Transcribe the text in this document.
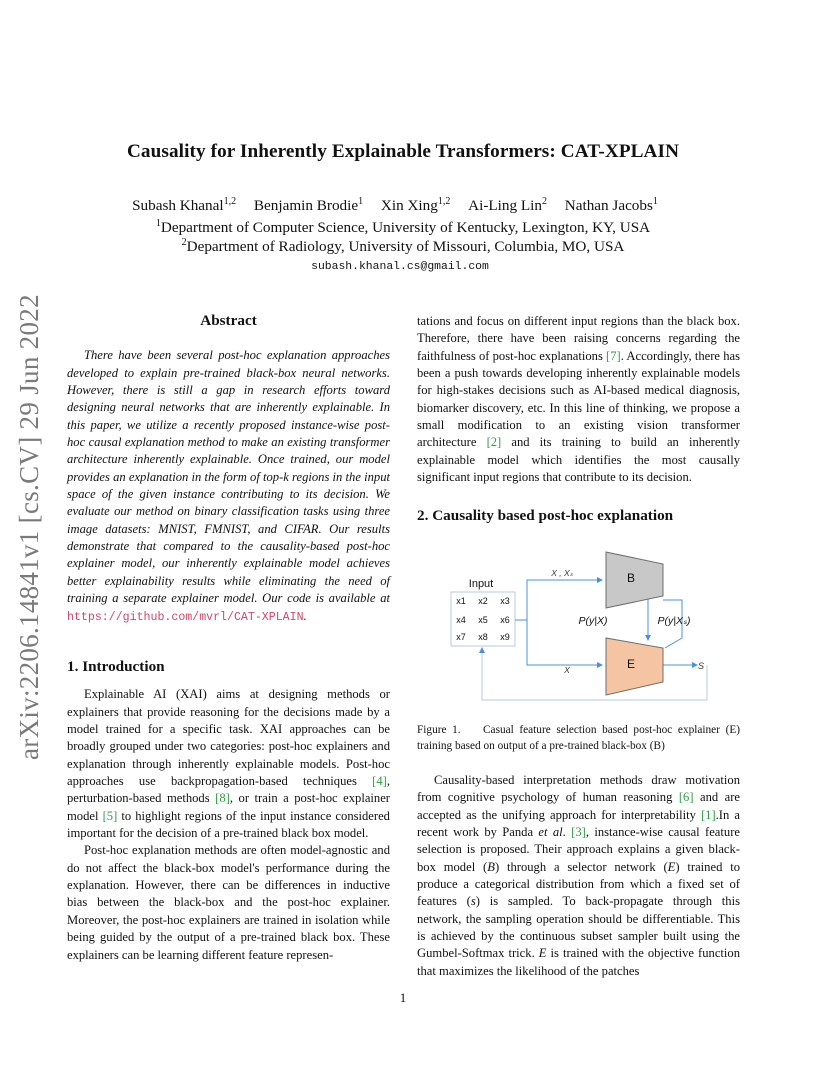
arXiv:2206.14841v1 [cs.CV] 29 Jun 2022
Causality for Inherently Explainable Transformers: CAT-XPLAIN
Subash Khanal$^{1,2}$ Benjamin Brodie$^1$ Xin Xing$^{1,2}$ Ai-Ling Lin$^2$ Nathan Jacobs$^1$
$^1$Department of Computer Science, University of Kentucky, Lexington, KY, USA
$^2$Department of Radiology, University of Missouri, Columbia, MO, USA
subash.khanal.cs@gmail.com
Abstract

There have been several post-hoc explanation approaches developed to explain pre-trained black-box neural networks. However, there is still a gap in research efforts toward designing neural networks that are inherently explainable. In this paper, we utilize a recently proposed instance-wise post-hoc causal explanation method to make an existing transformer architecture inherently explainable. Once trained, our model provides an explanation in the form of top-k regions in the input space of the given instance contributing to its decision. We evaluate our method on binary classification tasks using three image datasets: MNIST, FMNIST, and CIFAR. Our results demonstrate that compared to the causality-based post-hoc explainer model, our inherently explainable model achieves better explainability results while eliminating the need of training a separate explainer model. Our code is available at https://github.com/mvrl/CAT-XPLAIN.

1. Introduction

Explainable AI (XAI) aims at designing methods or explainers that provide reasoning for the decisions made by a model trained for a specific task. XAI approaches can be broadly grouped under two categories: post-hoc explainers and explanation through inherently explainable models. Post-hoc approaches use backpropagation-based techniques [4], perturbation-based methods [8], or train a post-hoc explainer model [5] to highlight regions of the input instance considered important for the decision of a pre-trained black box model.

Post-hoc explanation methods are often model-agnostic and do not affect the black-box model's performance during the explanation. However, there can be differences in inductive bias between the black-box and the post-hoc explainer. Moreover, the post-hoc explainers are trained in isolation while being guided by the output of a pre-trained black box. These explainers can be learning different feature represen-

tations and focus on different input regions than the black box. Therefore, there have been raising concerns regarding the faithfulness of post-hoc explanations [7]. Accordingly, there has been a push towards developing inherently explainable models for high-stakes decisions such as AI-based medical diagnosis, biomarker discovery, etc. In this line of thinking, we propose a small modification to an existing vision transformer architecture [2] and its training to build an inherently explainable model which identifies the most causally significant input regions that contribute to its decision.
2. Causality based post-hoc explanation
Input
x1 x2 x3
x4 x5 x6
x7 x8 x9
B
E
X , Xₛ
P(y|X)	P(y|Xₛ)
X	S
Figure 1. Casual feature selection based post-hoc explainer (E) training based on output of a pre-trained black-box (B)

Causality-based interpretation methods draw motivation from cognitive psychology of human reasoning [6] and are accepted as the unifying approach for interpretability [1].In a recent work by Panda et al. [3], instance-wise causal feature selection is proposed. Their approach explains a given black-box model (B) through a selector network (E) trained to produce a categorical distribution from which a fixed set of features (s) is sampled. To back-propagate through this network, the sampling operation should be differentiable. This is achieved by the continuous subset sampler built using the Gumbel-Softmax trick. E is trained with the objective function that maximizes the likelihood of the patches

1
